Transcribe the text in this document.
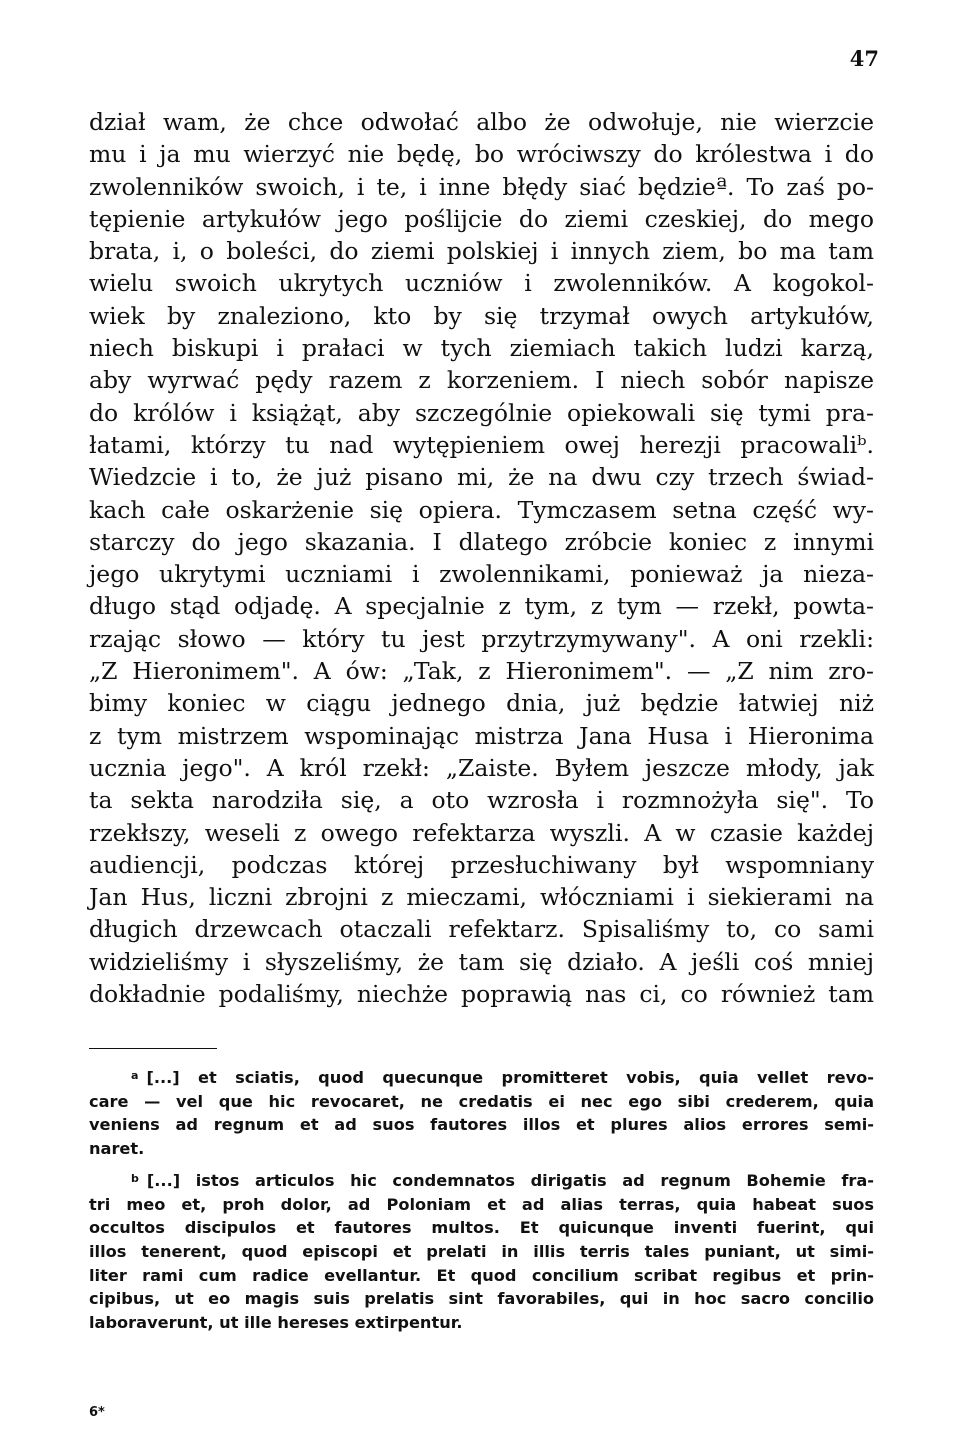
47
dział wam, że chce odwołać albo że odwołuje, nie wierzcie
mu i ja mu wierzyć nie będę, bo wróciwszy do królestwa i do
zwolenników swoich, i te, i inne błędy siać będzieª. To zaś po-
tępienie artykułów jego poślijcie do ziemi czeskiej, do mego
brata, i, o boleści, do ziemi polskiej i innych ziem, bo ma tam
wielu swoich ukrytych uczniów i zwolenników. A kogokol-
wiek by znaleziono, kto by się trzymał owych artykułów,
niech biskupi i prałaci w tych ziemiach takich ludzi karzą,
aby wyrwać pędy razem z korzeniem. I niech sobór napisze
do królów i książąt, aby szczególnie opiekowali się tymi pra-
łatami, którzy tu nad wytępieniem owej herezji pracowaliᵇ.
Wiedzcie i to, że już pisano mi, że na dwu czy trzech świad-
kach całe oskarżenie się opiera. Tymczasem setna część wy-
starczy do jego skazania. I dlatego zróbcie koniec z innymi
jego ukrytymi uczniami i zwolennikami, ponieważ ja nieza-
długo stąd odjadę. A specjalnie z tym, z tym — rzekł, powta-
rzając słowo — który tu jest przytrzymywany". A oni rzekli:
„Z Hieronimem". A ów: „Tak, z Hieronimem". — „Z nim zro-
bimy koniec w ciągu jednego dnia, już będzie łatwiej niż
z tym mistrzem wspominając mistrza Jana Husa i Hieronima
ucznia jego". A król rzekł: „Zaiste. Byłem jeszcze młody, jak
ta sekta narodziła się, a oto wzrosła i rozmnożyła się". To
rzekłszy, weseli z owego refektarza wyszli. A w czasie każdej
audiencji, podczas której przesłuchiwany był wspomniany
Jan Hus, liczni zbrojni z mieczami, włóczniami i siekierami na
długich drzewcach otaczali refektarz. Spisaliśmy to, co sami
widzieliśmy i słyszeliśmy, że tam się działo. A jeśli coś mniej
dokładnie podaliśmy, niechże poprawią nas ci, co również tam
$^a$ [...] et sciatis, quod quecunque promitteret vobis, quia vellet revo-
care — vel que hic revocaret, ne credatis ei nec ego sibi crederem, quia
veniens ad regnum et ad suos fautores illos et plures alios errores semi-
naret.
$^b$ [...] istos articulos hic condemnatos dirigatis ad regnum Bohemie fra-
tri meo et, proh dolor, ad Poloniam et ad alias terras, quia habeat suos
occultos discipulos et fautores multos. Et quicunque inventi fuerint, qui
illos tenerent, quod episcopi et prelati in illis terris tales puniant, ut simi-
liter rami cum radice evellantur. Et quod concilium scribat regibus et prin-
cipibus, ut eo magis suis prelatis sint favorabiles, qui in hoc sacro concilio
laboraverunt, ut ille hereses extirpentur.
6*
